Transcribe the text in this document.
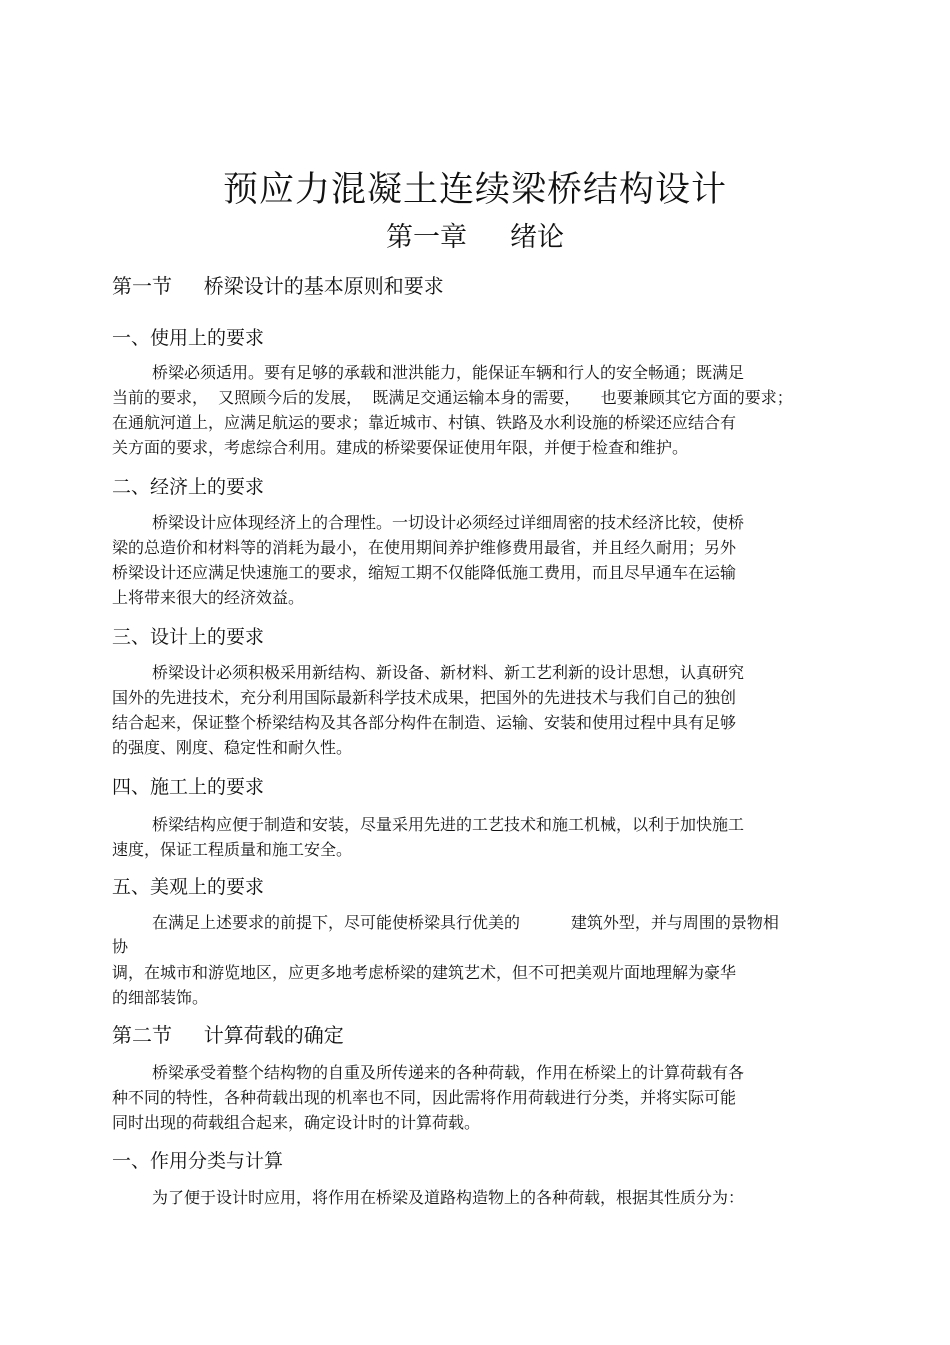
预应力混凝土连续梁桥结构设计
第一章     绪论
第一节     桥梁设计的基本原则和要求
一、使用上的要求
桥梁必须适用。要有足够的承载和泄洪能力，能保证车辆和行人的安全畅通；既满足
当前的要求，  又照顾今后的发展，  既满足交通运输本身的需要，    也要兼顾其它方面的要求；
在通航河道上，应满足航运的要求；靠近城市、村镇、铁路及水利设施的桥梁还应结合有
关方面的要求，考虑综合利用。建成的桥梁要保证使用年限，并便于检查和维护。
二、经济上的要求
桥梁设计应体现经济上的合理性。一切设计必须经过详细周密的技术经济比较，使桥
梁的总造价和材料等的消耗为最小，在使用期间养护维修费用最省，并且经久耐用；另外
桥梁设计还应满足快速施工的要求，缩短工期不仅能降低施工费用，而且尽早通车在运输
上将带来很大的经济效益。
三、设计上的要求
桥梁设计必须积极采用新结构、新设备、新材料、新工艺利新的设计思想，认真研究
国外的先进技术，充分利用国际最新科学技术成果，把国外的先进技术与我们自己的独创
结合起来，保证整个桥梁结构及其各部分构件在制造、运输、安装和使用过程中具有足够
的强度、刚度、稳定性和耐久性。
四、施工上的要求
桥梁结构应便于制造和安装，尽量采用先进的工艺技术和施工机械，以利于加快施工
速度，保证工程质量和施工安全。
五、美观上的要求
在满足上述要求的前提下，尽可能使桥梁具行优美的          建筑外型，并与周围的景物相
协
调，在城市和游览地区，应更多地考虑桥梁的建筑艺术，但不可把美观片面地理解为豪华
的细部装饰。
第二节     计算荷载的确定
桥梁承受着整个结构物的自重及所传递来的各种荷载，作用在桥梁上的计算荷载有各
种不同的特性，各种荷载出现的机率也不同，因此需将作用荷载进行分类，并将实际可能
同时出现的荷载组合起来，确定设计时的计算荷载。
一、作用分类与计算
为了便于设计时应用，将作用在桥梁及道路构造物上的各种荷载，根据其性质分为：
